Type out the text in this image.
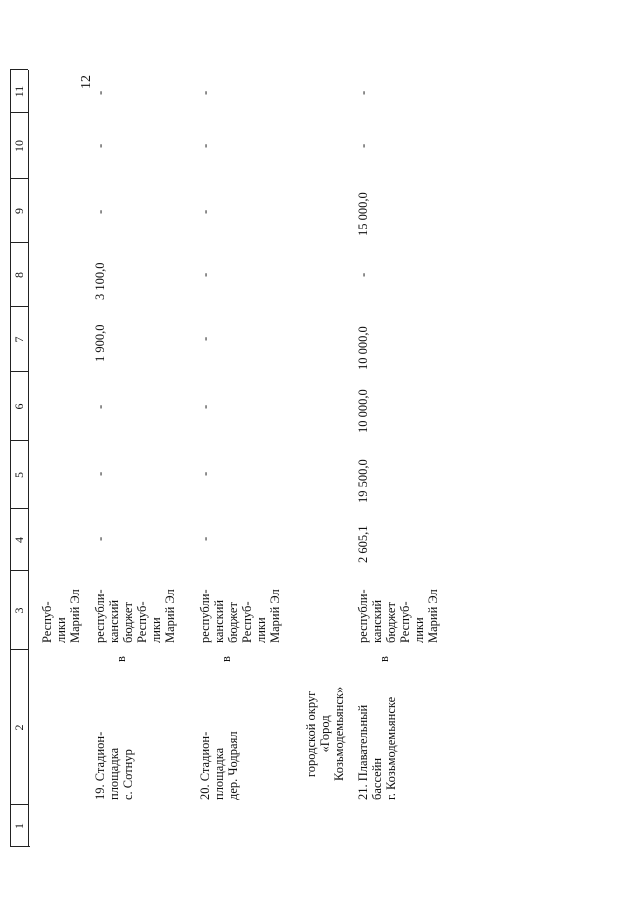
12
1
2
3
4
5
6
7
8
9
10
11
Респуб-
лики
Марий Эл
19. Стадион-
площадка
с. Сотнур
в
республи-
канский
бюджет
Респуб-
лики
Марий Эл
-
-
-
1 900,0
3 100,0
-
-
-
20. Стадион-
площадка
дер. Чодраял
в
республи-
канский
бюджет
Респуб-
лики
Марий Эл
-
-
-
-
-
-
-
-
городской округ
«Город
Козьмодемьянск»
21. Плавательный
бассейн
г. Козьмодемьянске
в
республи-
канский
бюджет
Респуб-
лики
Марий Эл
2 605,1
19 500,0
10 000,0
10 000,0
-
15 000,0
-
-
